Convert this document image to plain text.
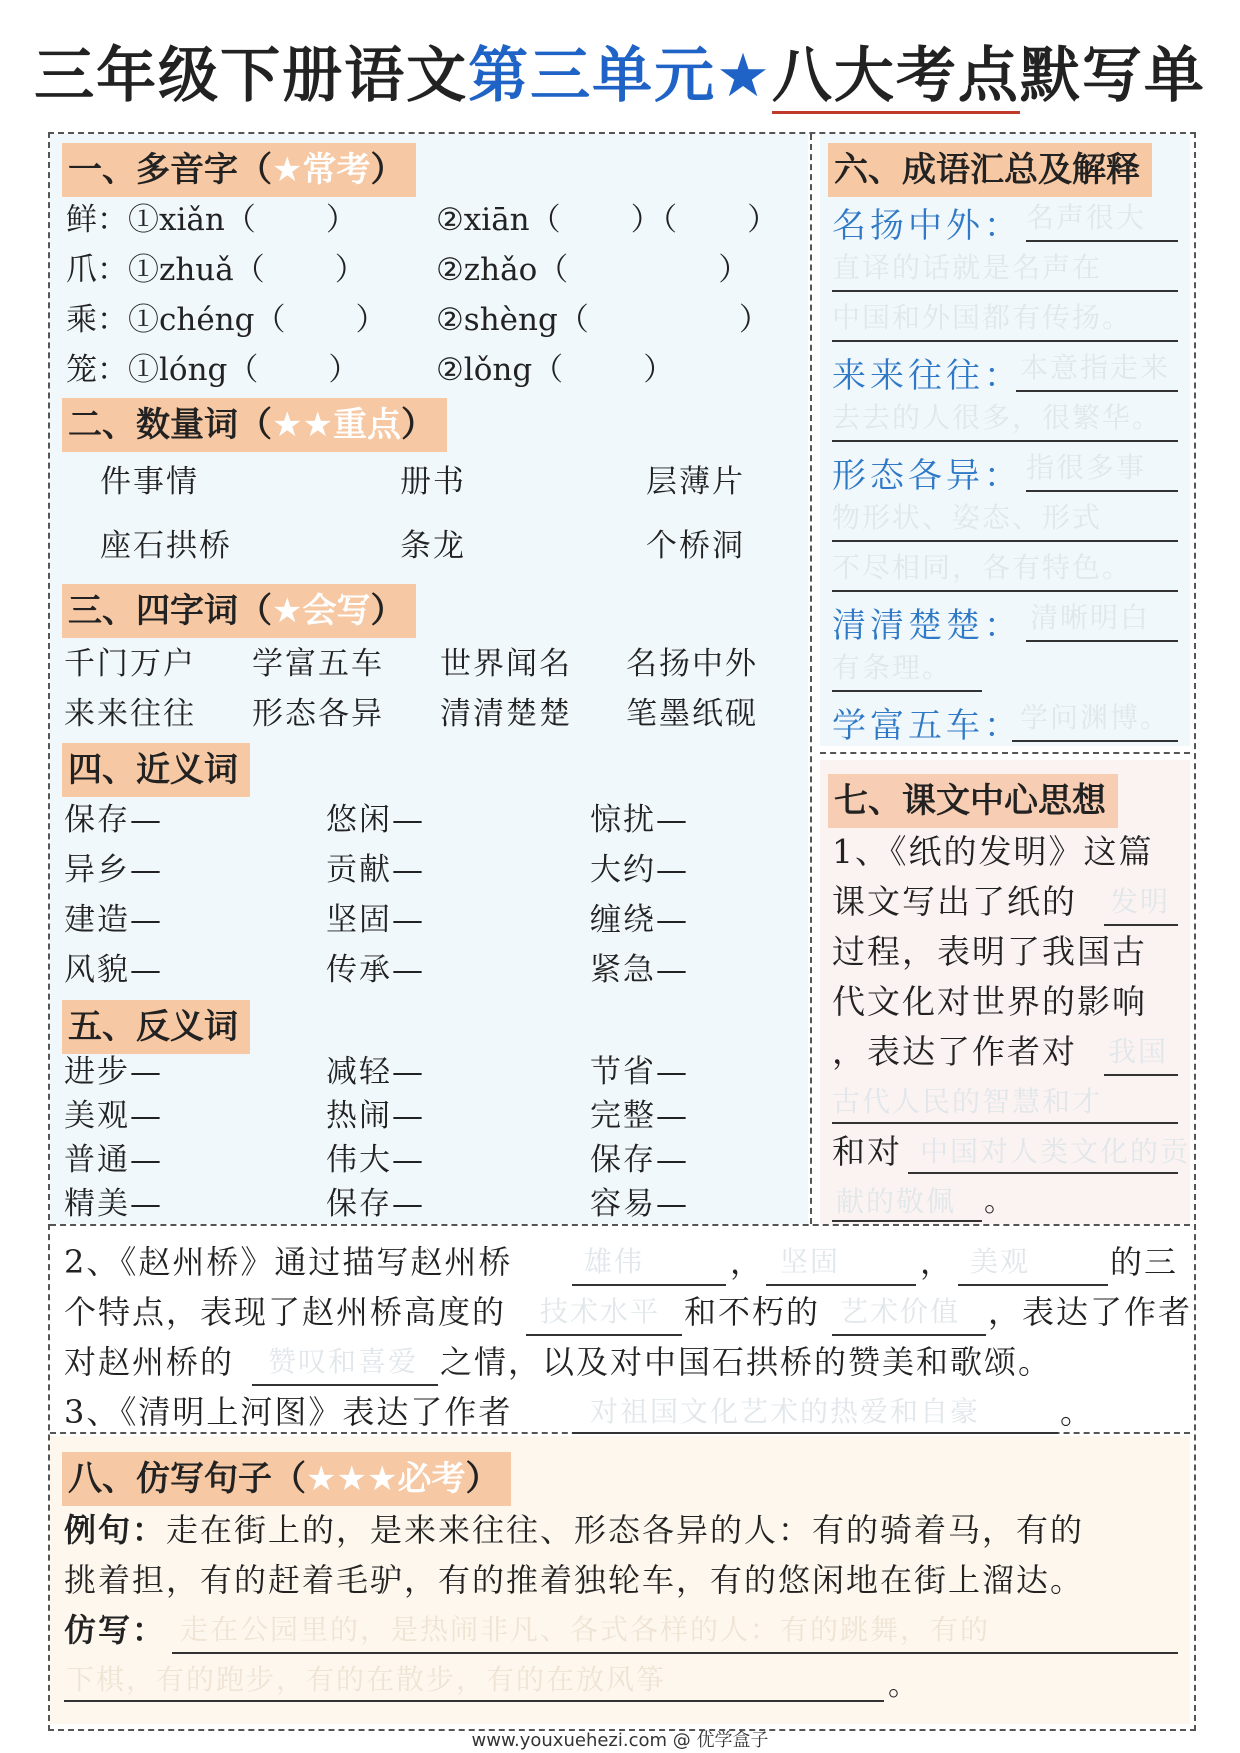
三年级下册语文第三单元★八大考点默写单
一、多音字（★常考）
鲜：①xiǎn（ ）	②xiān（ ）（ ）
爪：①zhuǎ（ ） ②zhǎo（	）
乘：①chéng（ ） ②shèng（	）
笼：①lóng（ ） ②lǒng（	）
二、数量词（★★重点）
件事情	册书	层薄片
座石拱桥	条龙	个桥洞
三、四字词（★会写）
千门万户 学富五车 世界闻名 名扬中外
来来往往 形态各异 清清楚楚 笔墨纸砚
四、近义词
保存—	悠闲—	惊扰—
异乡—	贡献—	大约—
建造—	坚固—	缠绕—
风貌—	传承—	紧急—
五、反义词
进步—	减轻—	节省—
美观—	热闹—	完整—
普通—	伟大—	保存—
精美—	保存—	容易—
六、成语汇总及解释
名扬中外： 名声很大
直译的话就是名声在
中国和外国都有传扬。
来来往往：
本意指走来
去去的人很多，很繁华。
形态各异： 指很多事
物形状、姿态、形式
不尽相同，各有特色。
清清楚楚： 清晰明白
有条理。
学富五车：
学问渊博。
七、课文中心思想
1、《纸的发明》这篇
课文写出了纸的 发明
过程，表明了我国古
代文化对世界的影响
，表达了作者对 我国
古代人民的智慧和才
和对 中国对人类文化的贡
献的敬佩 。
2、《赵州桥》通过描写赵州桥	雄伟	， 坚固 ， 美观 的三
个特点，表现了赵州桥高度的 技术水平 和不朽的 艺术价值 ，表达了作者
对赵州桥的 赞叹和喜爱 之情，以及对中国石拱桥的赞美和歌颂。
3、《清明上河图》表达了作者	对祖国文化艺术的热爱和自豪 。
八、仿写句子（★★★必考）
例句：走在街上的，是来来往往、形态各异的人：有的骑着马，有的
挑着担，有的赶着毛驴，有的推着独轮车，有的悠闲地在街上溜达。
仿写： 走在公园里的，是热闹非凡、各式各样的人：有的跳舞，有的
下棋，有的跑步，有的在散步，有的在放风筝	。
www.youxuehezi.com @ 优学盒子
